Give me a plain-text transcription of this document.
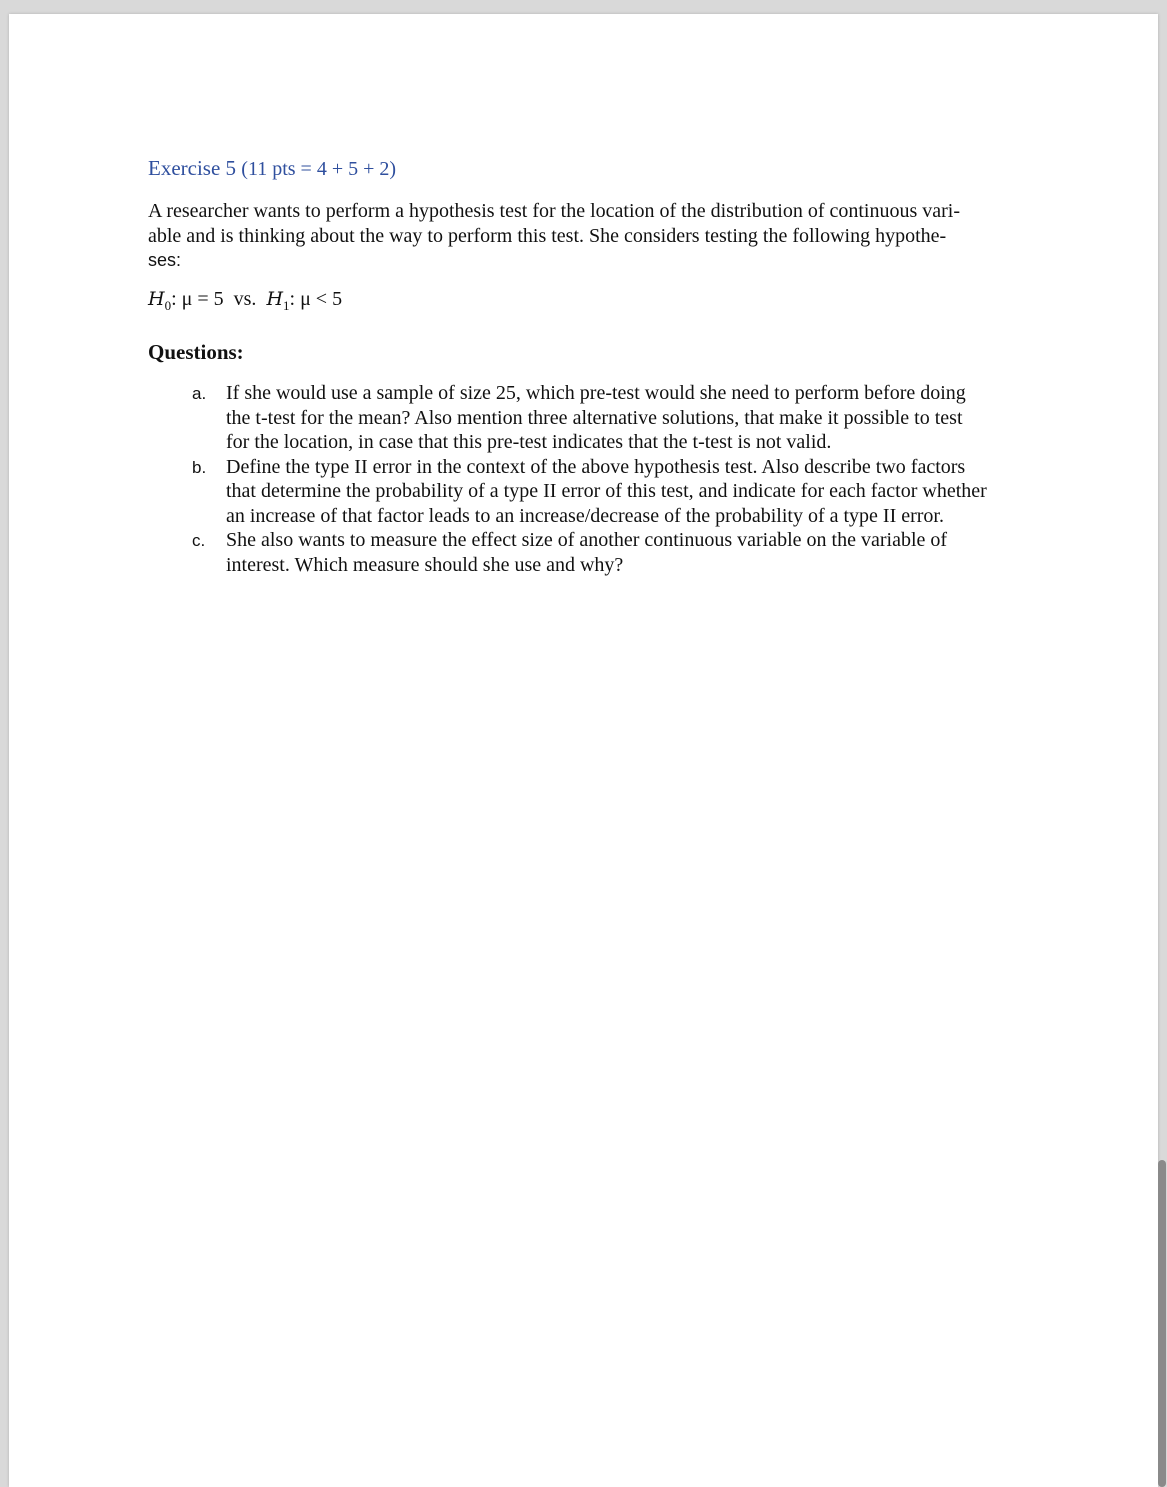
Exercise 5 (11 pts = 4 + 5 + 2)

A researcher wants to perform a hypothesis test for the location of the distribution of continuous vari-
able and is thinking about the way to perform this test. She considers testing the following hypothe-
ses:

$H_0$: μ = 5 vs. $H_1$: μ < 5
Questions:

a. If she would use a sample of size 25, which pre-test would she need to perform before doing
the t-test for the mean? Also mention three alternative solutions, that make it possible to test
for the location, in case that this pre-test indicates that the t-test is not valid.

b. Define the type II error in the context of the above hypothesis test. Also describe two factors
that determine the probability of a type II error of this test, and indicate for each factor whether
an increase of that factor leads to an increase/decrease of the probability of a type II error.

c. She also wants to measure the effect size of another continuous variable on the variable of
interest. Which measure should she use and why?
